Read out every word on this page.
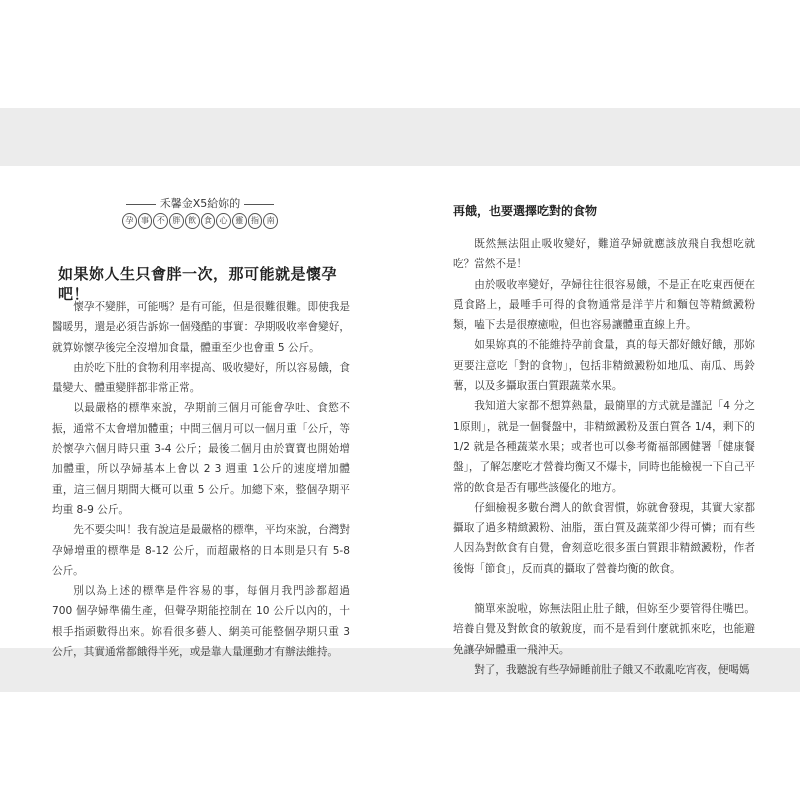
禾馨金X5給妳的
孕 事 不 胖 飲 食 心 靈 指 南
如果妳人生只會胖一次，那可能就是懷孕吧！

懷孕不變胖，可能嗎？是有可能，但是很難很難。即使我是醫暖男，還是必須告訴妳一個殘酷的事實：孕期吸收率會變好，就算妳懷孕後完全沒增加食量，體重至少也會重 5 公斤。

由於吃下肚的食物利用率提高、吸收變好，所以容易餓，食量變大、體重變胖都非常正常。

以最嚴格的標準來說，孕期前三個月可能會孕吐、食慾不振，通常不太會增加體重；中間三個月可以一個月重「公斤，等於懷孕六個月時只重 3-4 公斤；最後二個月由於寶寶也開始增加體重，所以孕婦基本上會以 2 3 週重 1公斤的速度增加體重，這三個月期間大概可以重 5 公斤。加總下來，整個孕期平均重 8-9 公斤。

先不要尖叫！我有說這是最嚴格的標準，平均來說，台灣對孕婦增重的標準是 8-12 公斤，而超嚴格的日本則是只有 5-8 公斤。

別以為上述的標準是件容易的事，每個月我門診都超過 700 個孕婦準備生產，但聲孕期能控制在 10 公斤以內的，十根手指頭數得出來。妳看很多藝人、網美可能整個孕期只重 3 公斤，其實通常都餓得半死，或是靠人量運動才有辦法維持。

再餓，也要選擇吃對的食物

既然無法阻止吸收變好，難道孕婦就應該放飛自我想吃就吃？當然不是！

由於吸收率變好，孕婦往往很容易餓，不是正在吃東西便在覓食路上，最唾手可得的食物通常是洋芋片和麵包等精緻澱粉類，嗑下去是很療癒啦，但也容易讓體重直線上升。

如果妳真的不能維持孕前食量，真的每天都好餓好餓，那妳更要注意吃「對的食物」，包括非精緻澱粉如地瓜、南瓜、馬鈴薯，以及多攝取蛋白質跟蔬菜水果。

我知道大家都不想算熱量，最簡單的方式就是謹記「4 分之1原則」，就是一個餐盤中，非精緻澱粉及蛋白質各 1/4，剩下的 1/2 就是各種蔬菜水果；或者也可以參考衛福部國健署「健康餐盤」，了解怎麼吃才營養均衡又不爆卡，同時也能檢視一下自己平常的飲食是否有哪些該優化的地方。

仔細檢視多數台灣人的飲食習慣，妳就會發現，其實大家都攝取了過多精緻澱粉、油脂，蛋白質及蔬菜卻少得可憐；而有些人因為對飲食有自覺，會刻意吃很多蛋白質跟非精緻澱粉，作者後悔「節食」，反而真的攝取了營養均衡的飲食。

簡單來說啦，妳無法阻止肚子餓，但妳至少要管得住嘴巴。培養自覺及對飲食的敏銳度，而不是看到什麼就抓來吃，也能避免讓孕婦體重一飛沖天。

對了，我聽說有些孕婦睡前肚子餓又不敢亂吃宵夜，便喝媽
